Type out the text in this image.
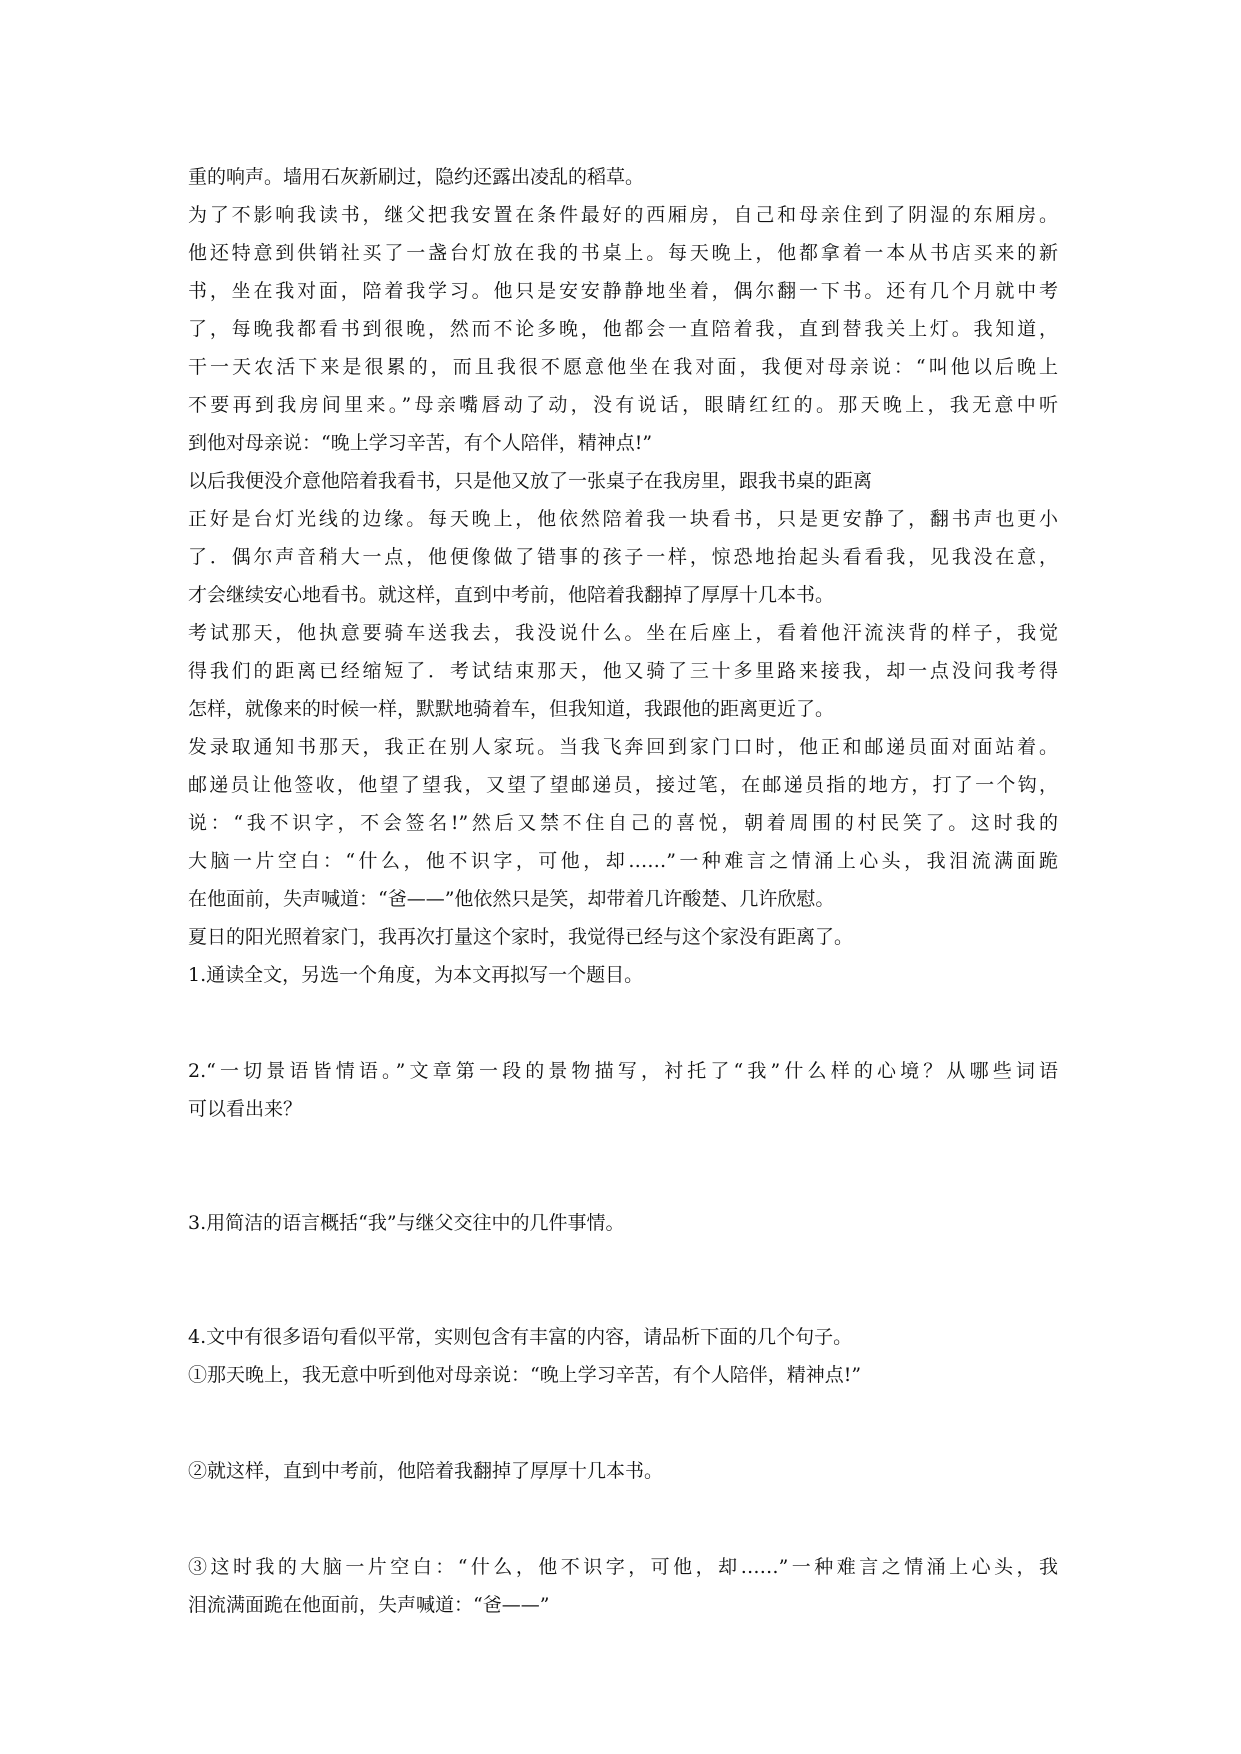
重的响声。墙用石灰新刷过，隐约还露出凌乱的稻草。
为了不影响我读书，继父把我安置在条件最好的西厢房，自己和母亲住到了阴湿的东厢房。
他还特意到供销社买了一盏台灯放在我的书桌上。每天晚上，他都拿着一本从书店买来的新
书，坐在我对面，陪着我学习。他只是安安静静地坐着，偶尔翻一下书。还有几个月就中考
了，每晚我都看书到很晚，然而不论多晚，他都会一直陪着我，直到替我关上灯。我知道，
干一天农活下来是很累的，而且我很不愿意他坐在我对面，我便对母亲说：“叫他以后晚上
不要再到我房间里来。”母亲嘴唇动了动，没有说话，眼睛红红的。那天晚上，我无意中听
到他对母亲说：“晚上学习辛苦，有个人陪伴，精神点!”
以后我便没介意他陪着我看书，只是他又放了一张桌子在我房里，跟我书桌的距离
正好是台灯光线的边缘。每天晚上，他依然陪着我一块看书，只是更安静了，翻书声也更小
了．偶尔声音稍大一点，他便像做了错事的孩子一样，惊恐地抬起头看看我，见我没在意，
才会继续安心地看书。就这样，直到中考前，他陪着我翻掉了厚厚十几本书。
考试那天，他执意要骑车送我去，我没说什么。坐在后座上，看着他汗流浃背的样子，我觉
得我们的距离已经缩短了．考试结束那天，他又骑了三十多里路来接我，却一点没问我考得
怎样，就像来的时候一样，默默地骑着车，但我知道，我跟他的距离更近了。
发录取通知书那天，我正在别人家玩。当我飞奔回到家门口时，他正和邮递员面对面站着。
邮递员让他签收，他望了望我，又望了望邮递员，接过笔，在邮递员指的地方，打了一个钩，
说：“我不识字，不会签名!”然后又禁不住自己的喜悦，朝着周围的村民笑了。这时我的
大脑一片空白：“什么，他不识字，可他，却……”一种难言之情涌上心头，我泪流满面跪
在他面前，失声喊道：“爸——”他依然只是笑，却带着几许酸楚、几许欣慰。
夏日的阳光照着家门，我再次打量这个家时，我觉得已经与这个家没有距离了。
1.通读全文，另选一个角度，为本文再拟写一个题目。
2.“一切景语皆情语。”文章第一段的景物描写，衬托了“我”什么样的心境？从哪些词语
可以看出来？
3.用简洁的语言概括“我”与继父交往中的几件事情。
4.文中有很多语句看似平常，实则包含有丰富的内容，请品析下面的几个句子。
①那天晚上，我无意中听到他对母亲说：“晚上学习辛苦，有个人陪伴，精神点!”
②就这样，直到中考前，他陪着我翻掉了厚厚十几本书。
③这时我的大脑一片空白：“什么，他不识字，可他，却……”一种难言之情涌上心头，我
泪流满面跪在他面前，失声喊道：“爸——”
